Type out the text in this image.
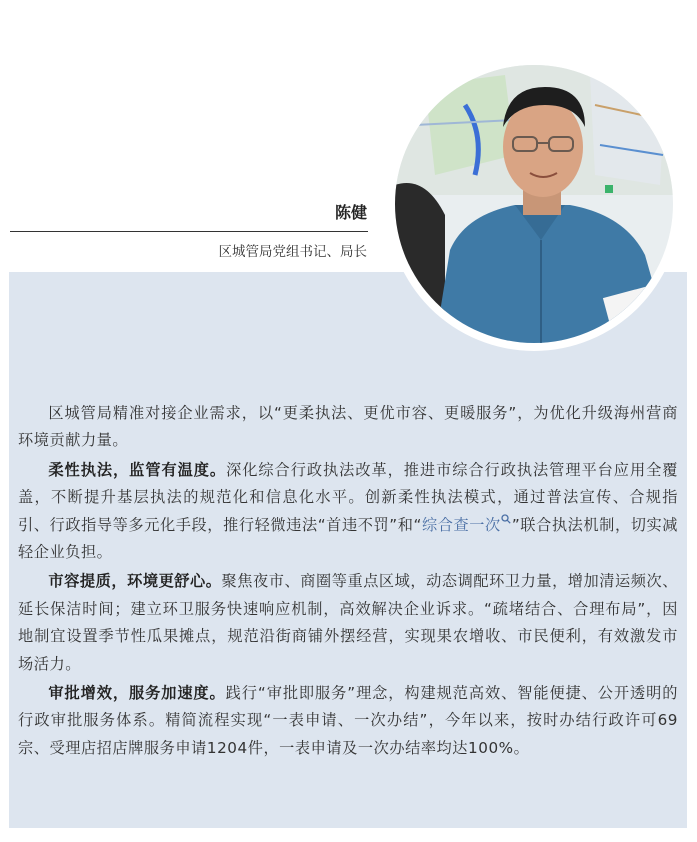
陈健
区城管局党组书记、局长

区城管局精准对接企业需求，以“更柔执法、更优市容、更暖服务”，为优化升级海州营商环境贡献力量。

柔性执法，监管有温度。深化综合行政执法改革，推进市综合行政执法管理平台应用全覆盖，不断提升基层执法的规范化和信息化水平。创新柔性执法模式，通过普法宣传、合规指引、行政指导等多元化手段，推行轻微违法“首违不罚”和“综合查一次 ”联合执法机制，切实减轻企业负担。

市容提质，环境更舒心。聚焦夜市、商圈等重点区域，动态调配环卫力量，增加清运频次、延长保洁时间；建立环卫服务快速响应机制，高效解决企业诉求。“疏堵结合、合理布局”，因地制宜设置季节性瓜果摊点，规范沿街商铺外摆经营，实现果农增收、市民便利，有效激发市场活力。

审批增效，服务加速度。践行“审批即服务”理念，构建规范高效、智能便捷、公开透明的行政审批服务体系。精简流程实现“一表申请、一次办结”，今年以来，按时办结行政许可69宗、受理店招店牌服务申请1204件，一表申请及一次办结率均达100%。
